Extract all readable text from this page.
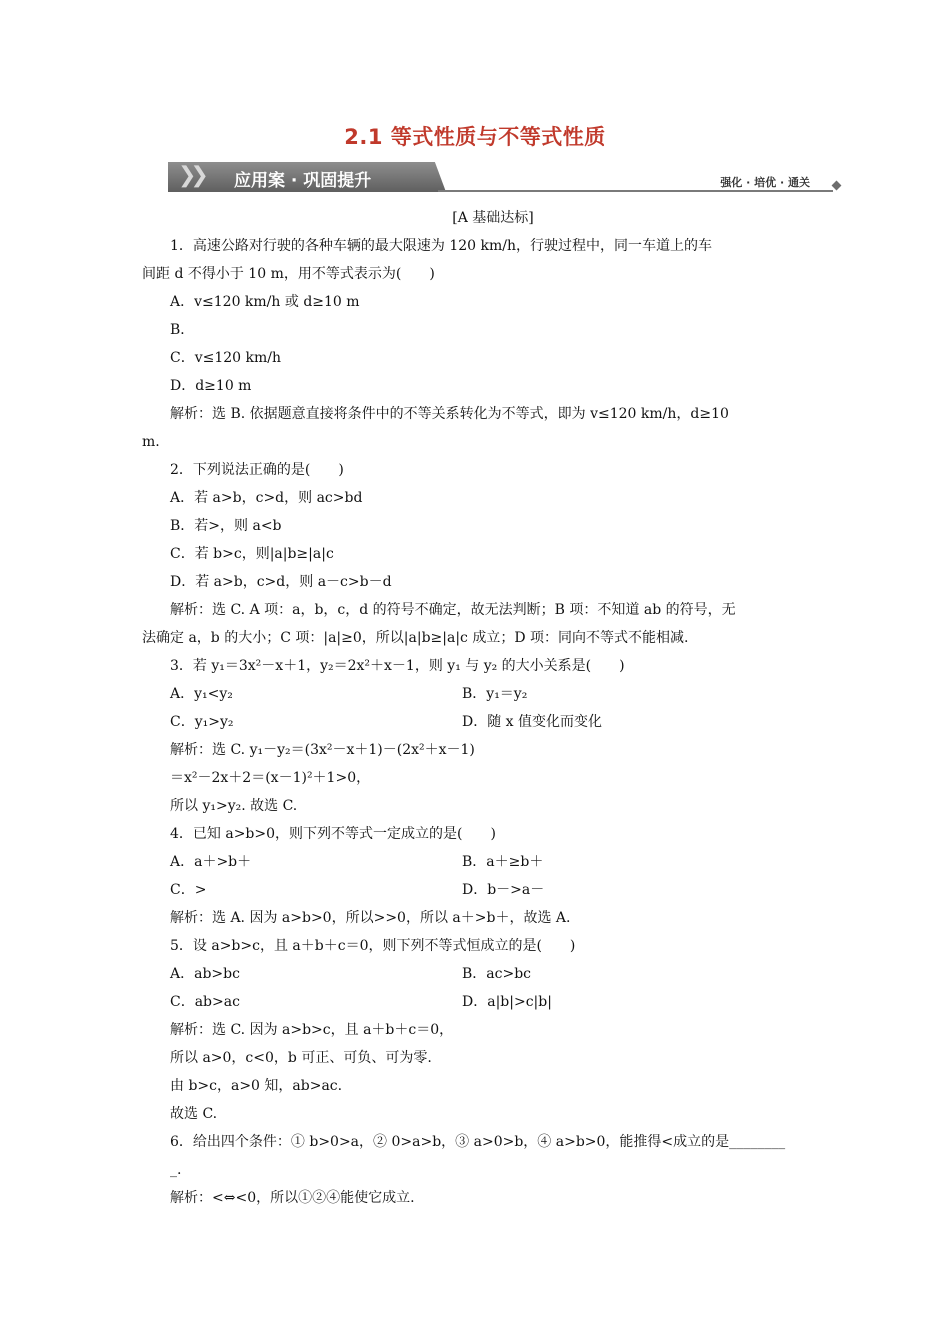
2.1 等式性质与不等式性质
❯❯ 应用案 · 巩固提升	强化 · 培优 · 通关
[A 基础达标]
1．高速公路对行驶的各种车辆的最大限速为 120 km/h，行驶过程中，同一车道上的车
间距 d 不得小于 10 m，用不等式表示为(　　)
A．v≤120 km/h 或 d≥10 m
B．
C．v≤120 km/h
D．d≥10 m
解析：选 B. 依据题意直接将条件中的不等关系转化为不等式，即为 v≤120 km/h，d≥10
m.
2．下列说法正确的是(　　)
A．若 a>b，c>d，则 ac>bd
B．若>，则 a<b
C．若 b>c，则|a|b≥|a|c
D．若 a>b，c>d，则 a－c>b－d
解析：选 C. A 项：a，b，c，d 的符号不确定，故无法判断；B 项：不知道 ab 的符号，无
法确定 a，b 的大小；C 项：|a|≥0，所以|a|b≥|a|c 成立；D 项：同向不等式不能相减.
3．若 y₁＝3x²－x＋1，y₂＝2x²＋x－1，则 y₁ 与 y₂ 的大小关系是(　　)
A．y₁<y₂	B．y₁＝y₂
C．y₁>y₂	D．随 x 值变化而变化
解析：选 C. y₁－y₂＝(3x²－x＋1)－(2x²＋x－1)
＝x²－2x＋2＝(x－1)²＋1>0，
所以 y₁>y₂. 故选 C.
4．已知 a>b>0，则下列不等式一定成立的是(　　)
A．a＋>b＋	B．a＋≥b＋
C．>	D．b－>a－
解析：选 A. 因为 a>b>0，所以>>0，所以 a＋>b＋，故选 A.
5．设 a>b>c，且 a＋b＋c＝0，则下列不等式恒成立的是(　　)
A．ab>bc	B．ac>bc
C．ab>ac	D．a|b|>c|b|
解析：选 C. 因为 a>b>c，且 a＋b＋c＝0，
所以 a>0，c<0，b 可正、可负、可为零.
由 b>c，a>0 知，ab>ac.
故选 C.
6．给出四个条件：① b>0>a，② 0>a>b，③ a>0>b，④ a>b>0，能推得<成立的是________
_.
解析：<⇔<0，所以①②④能使它成立.
